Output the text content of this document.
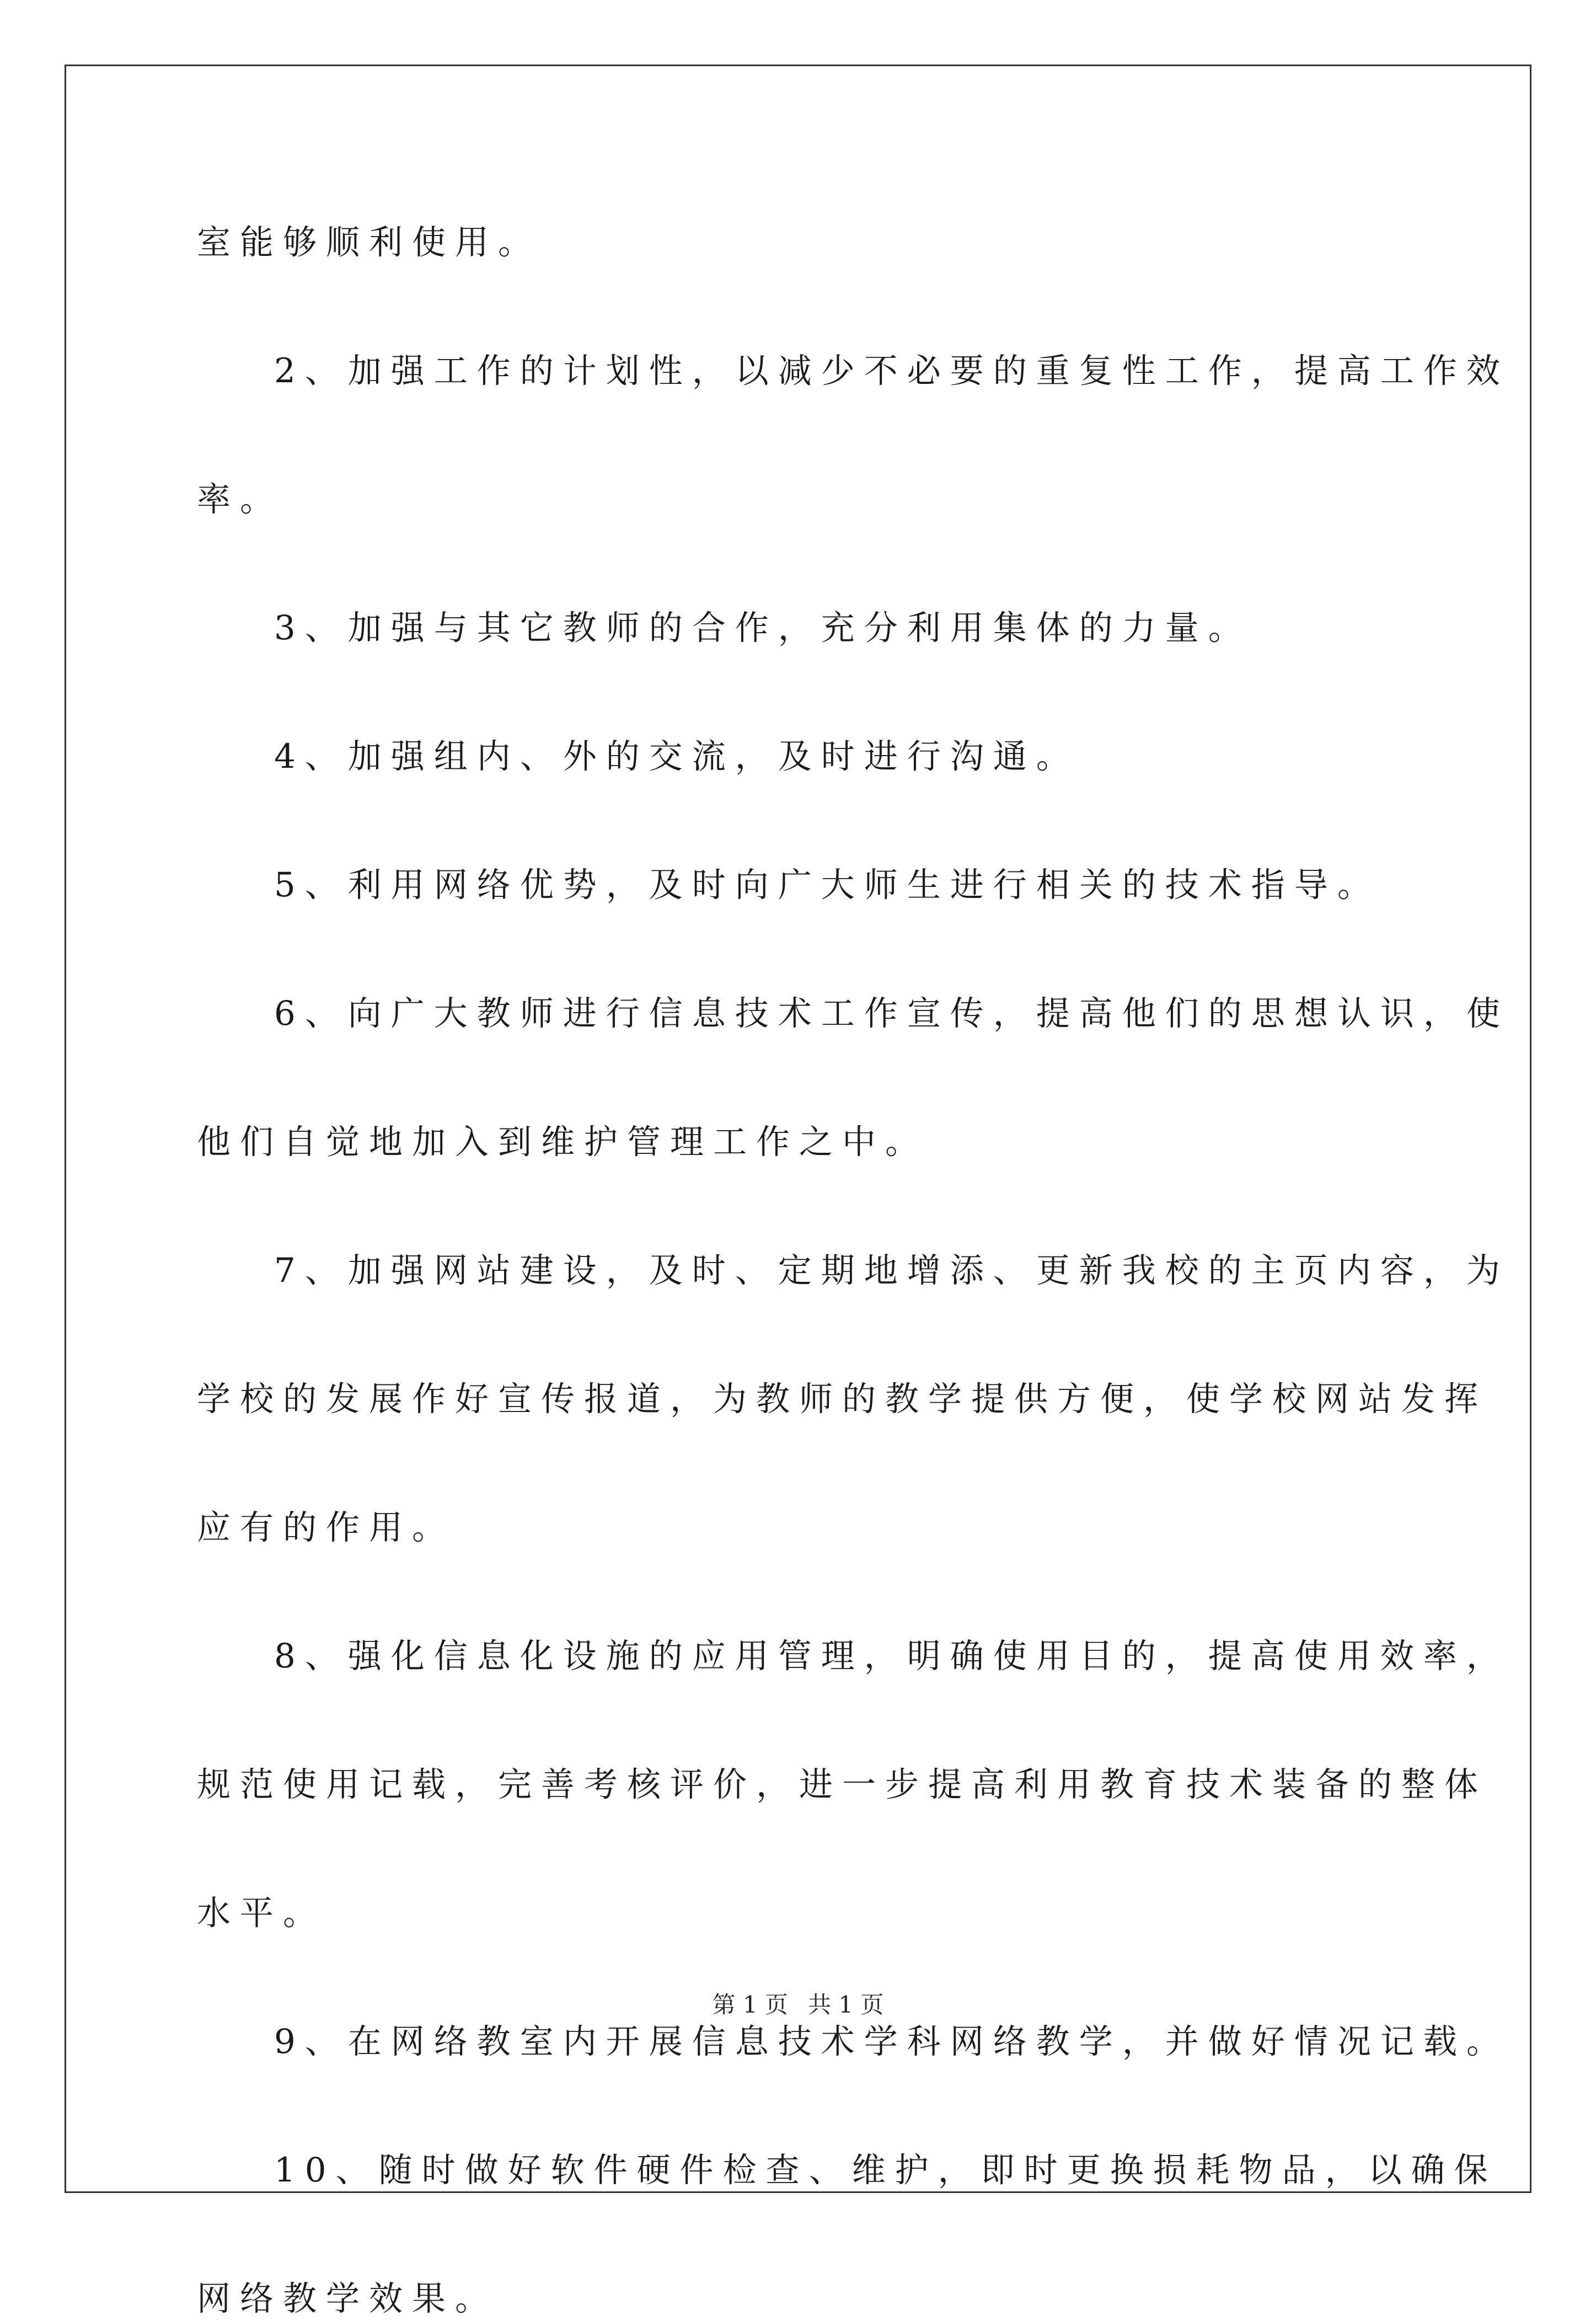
室能够顺利使用。

2、加强工作的计划性，以减少不必要的重复性工作，提高工作效

率。

3、加强与其它教师的合作，充分利用集体的力量。

4、加强组内、外的交流，及时进行沟通。

5、利用网络优势，及时向广大师生进行相关的技术指导。

6、向广大教师进行信息技术工作宣传，提高他们的思想认识，使

他们自觉地加入到维护管理工作之中。

7、加强网站建设，及时、定期地增添、更新我校的主页内容，为

学校的发展作好宣传报道，为教师的教学提供方便，使学校网站发挥

应有的作用。

8、强化信息化设施的应用管理，明确使用目的，提高使用效率，

规范使用记载，完善考核评价，进一步提高利用教育技术装备的整体

水平。

9、在网络教室内开展信息技术学科网络教学，并做好情况记载。

10、随时做好软件硬件检查、维护，即时更换损耗物品，以确保

网络教学效果。

第 1 页 共 1 页
